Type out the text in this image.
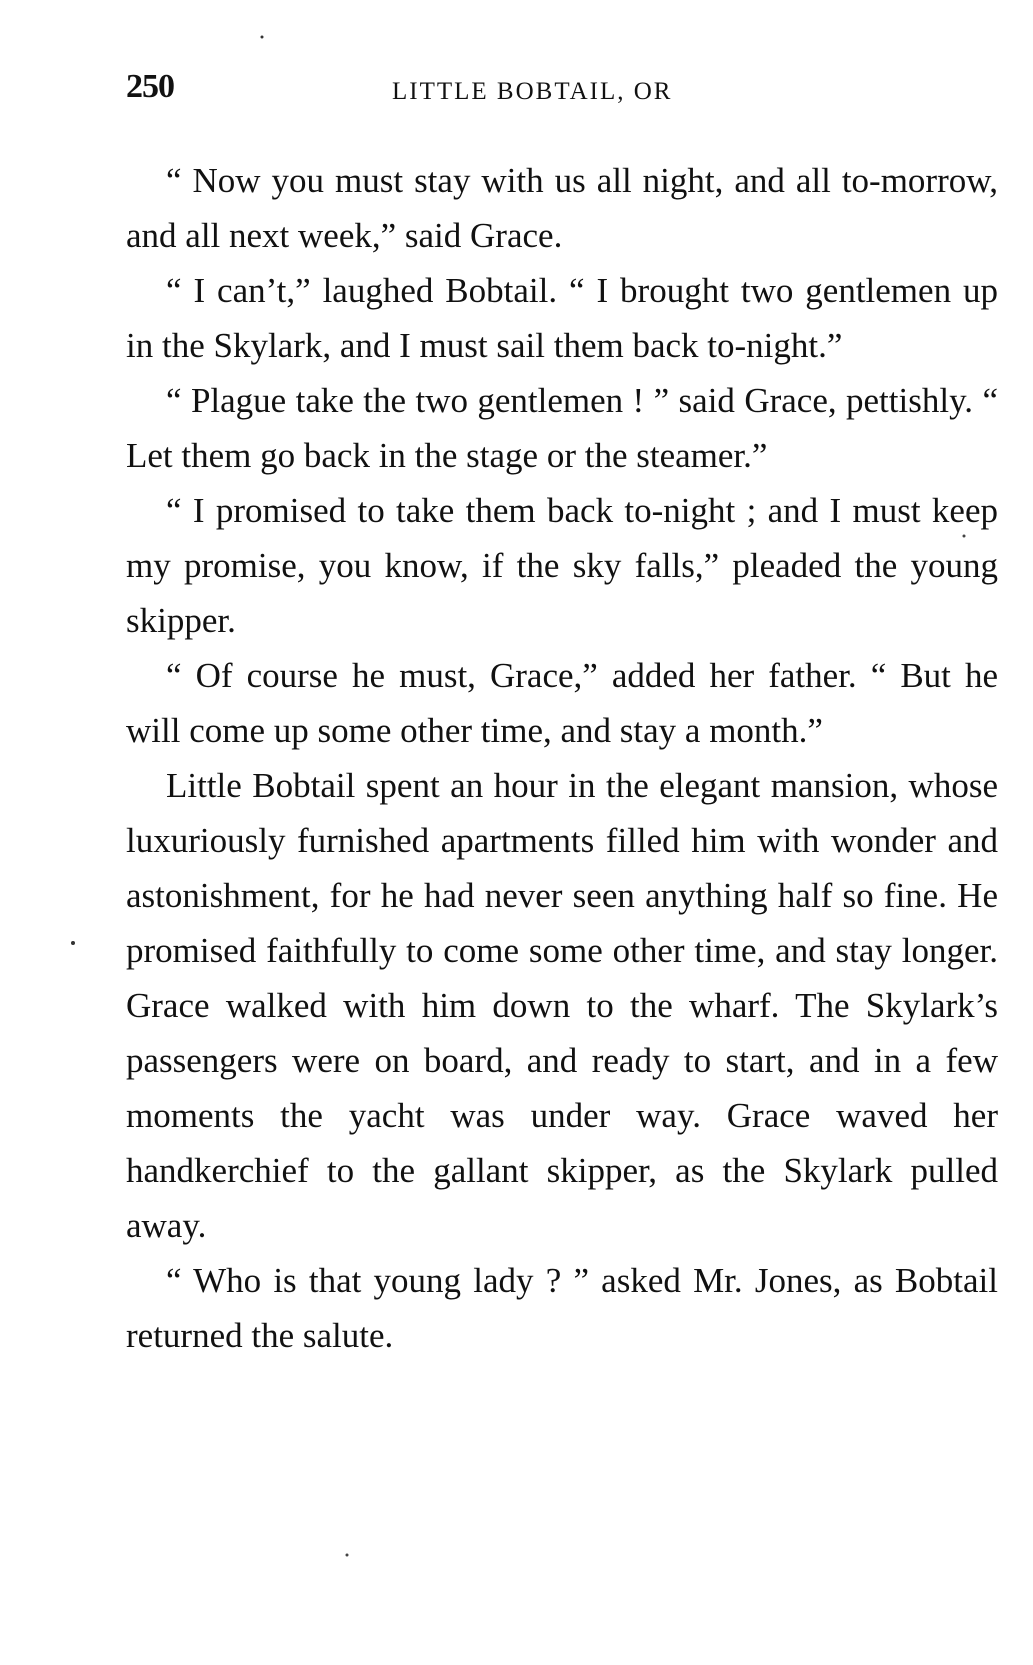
250	LITTLE BOBTAIL, OR

“ Now you must stay with us all night, and all to-morrow, and all next week,” said Grace.

“ I can’t,” laughed Bobtail. “ I brought two gentlemen up in the Skylark, and I must sail them back to-night.”

“ Plague take the two gentlemen ! ” said Grace, pettishly. “ Let them go back in the stage or the steamer.”

“ I promised to take them back to-night ; and I must keep my promise, you know, if the sky falls,” pleaded the young skipper.

“ Of course he must, Grace,” added her father. “ But he will come up some other time, and stay a month.”

Little Bobtail spent an hour in the elegant mansion, whose luxuriously furnished apartments filled him with wonder and astonishment, for he had never seen anything half so fine. He promised faithfully to come some other time, and stay longer. Grace walked with him down to the wharf. The Skylark’s passengers were on board, and ready to start, and in a few moments the yacht was under way. Grace waved her handkerchief to the gallant skipper, as the Skylark pulled away.

“ Who is that young lady ? ” asked Mr. Jones, as Bobtail returned the salute.
